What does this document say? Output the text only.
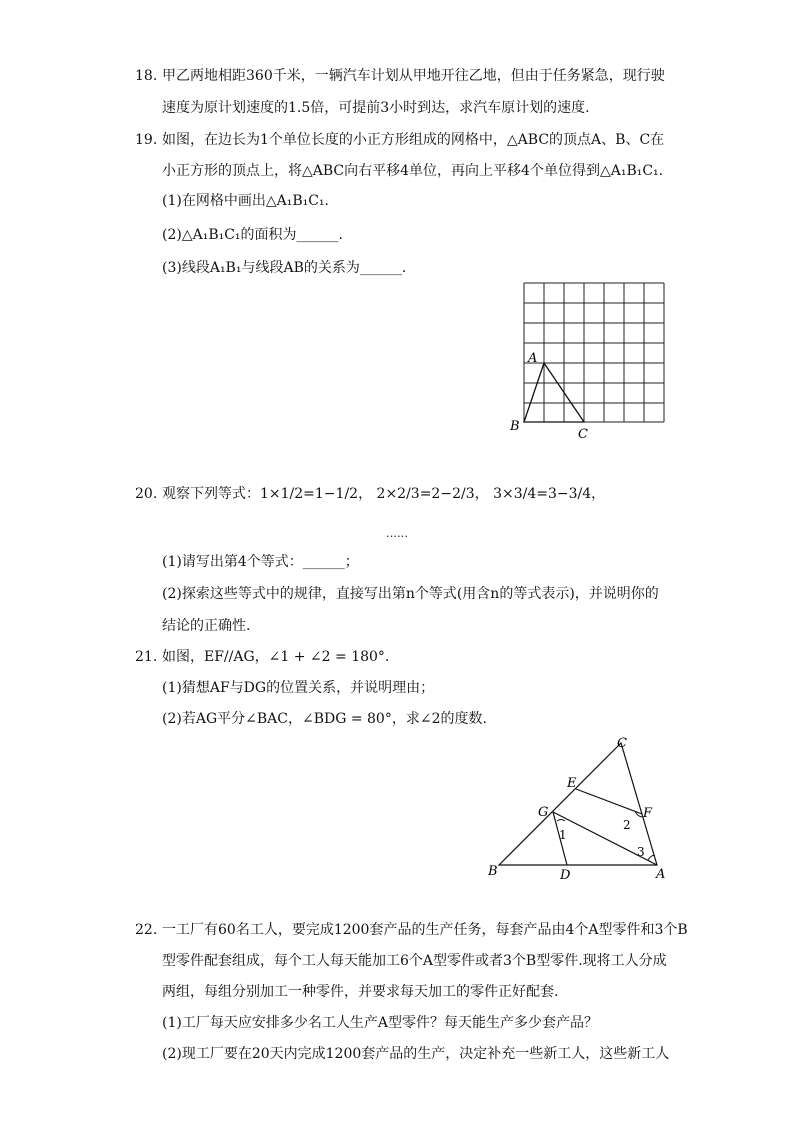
18. 甲乙两地相距360千米，一辆汽车计划从甲地开往乙地，但由于任务紧急，现行驶
速度为原计划速度的1.5倍，可提前3小时到达，求汽车原计划的速度.
19. 如图，在边长为1个单位长度的小正方形组成的网格中，△ABC的顶点A、B、C在
小正方形的顶点上，将△ABC向右平移4单位，再向上平移4个单位得到△A₁B₁C₁.
(1)在网格中画出△A₁B₁C₁.
(2)△A₁B₁C₁的面积为______.
(3)线段A₁B₁与线段AB的关系为______.
A
B
C
20. 观察下列等式：1×1/2=1−1/2， 2×2/3=2−2/3， 3×3/4=3−3/4，
……
(1)请写出第4个等式：______；
(2)探索这些等式中的规律，直接写出第n个等式(用含n的等式表示)，并说明你的
结论的正确性.
21. 如图，EF//AG，∠1 + ∠2 = 180°.
(1)猜想AF与DG的位置关系，并说明理由；
(2)若AG平分∠BAC，∠BDG = 80°，求∠2的度数.
C
E
F
G
B	D	A
1
2
3
22. 一工厂有60名工人，要完成1200套产品的生产任务，每套产品由4个A型零件和3个B
型零件配套组成，每个工人每天能加工6个A型零件或者3个B型零件.现将工人分成
两组，每组分别加工一种零件，并要求每天加工的零件正好配套.
(1)工厂每天应安排多少名工人生产A型零件？每天能生产多少套产品？
(2)现工厂要在20天内完成1200套产品的生产，决定补充一些新工人，这些新工人
